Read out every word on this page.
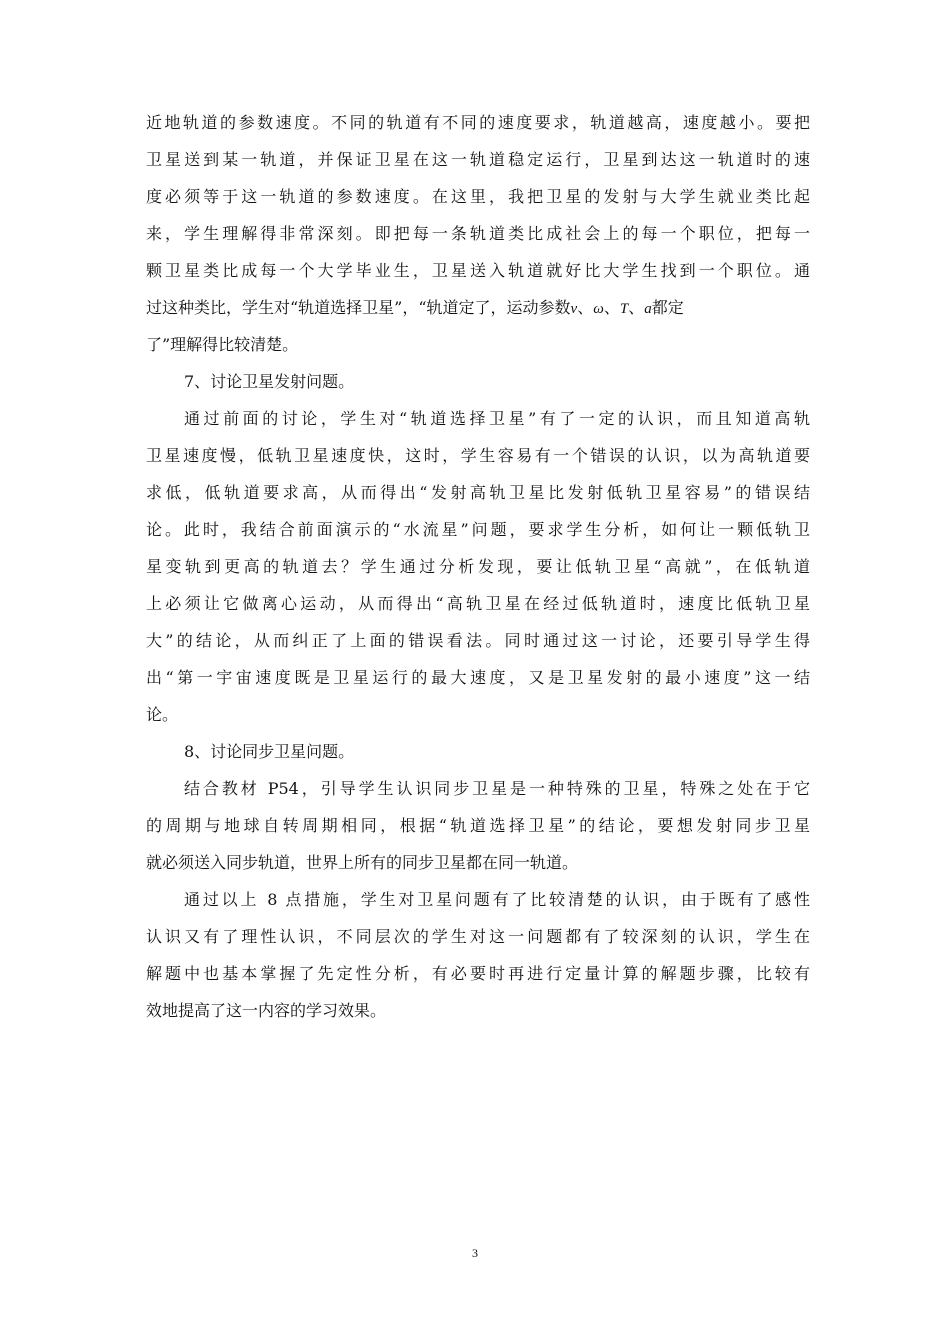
近地轨道的参数速度。不同的轨道有不同的速度要求，轨道越高，速度越小。要把
卫星送到某一轨道，并保证卫星在这一轨道稳定运行，卫星到达这一轨道时的速
度必须等于这一轨道的参数速度。在这里，我把卫星的发射与大学生就业类比起
来，学生理解得非常深刻。即把每一条轨道类比成社会上的每一个职位，把每一
颗卫星类比成每一个大学毕业生，卫星送入轨道就好比大学生找到一个职位。通
过这种类比，学生对“轨道选择卫星”，“轨道定了，运动参数v、ω、T、a都定
了”理解得比较清楚。
7、讨论卫星发射问题。
通过前面的讨论，学生对“轨道选择卫星”有了一定的认识，而且知道高轨
卫星速度慢，低轨卫星速度快，这时，学生容易有一个错误的认识，以为高轨道要
求低，低轨道要求高，从而得出“发射高轨卫星比发射低轨卫星容易”的错误结
论。此时，我结合前面演示的“水流星”问题，要求学生分析，如何让一颗低轨卫
星变轨到更高的轨道去？学生通过分析发现，要让低轨卫星“高就”，在低轨道
上必须让它做离心运动，从而得出“高轨卫星在经过低轨道时，速度比低轨卫星
大”的结论，从而纠正了上面的错误看法。同时通过这一讨论，还要引导学生得
出“第一宇宙速度既是卫星运行的最大速度，又是卫星发射的最小速度”这一结
论。
8、讨论同步卫星问题。
结合教材 P54，引导学生认识同步卫星是一种特殊的卫星，特殊之处在于它
的周期与地球自转周期相同，根据“轨道选择卫星”的结论，要想发射同步卫星
就必须送入同步轨道，世界上所有的同步卫星都在同一轨道。
通过以上 8 点措施，学生对卫星问题有了比较清楚的认识，由于既有了感性
认识又有了理性认识，不同层次的学生对这一问题都有了较深刻的认识，学生在
解题中也基本掌握了先定性分析，有必要时再进行定量计算的解题步骤，比较有
效地提高了这一内容的学习效果。
3
